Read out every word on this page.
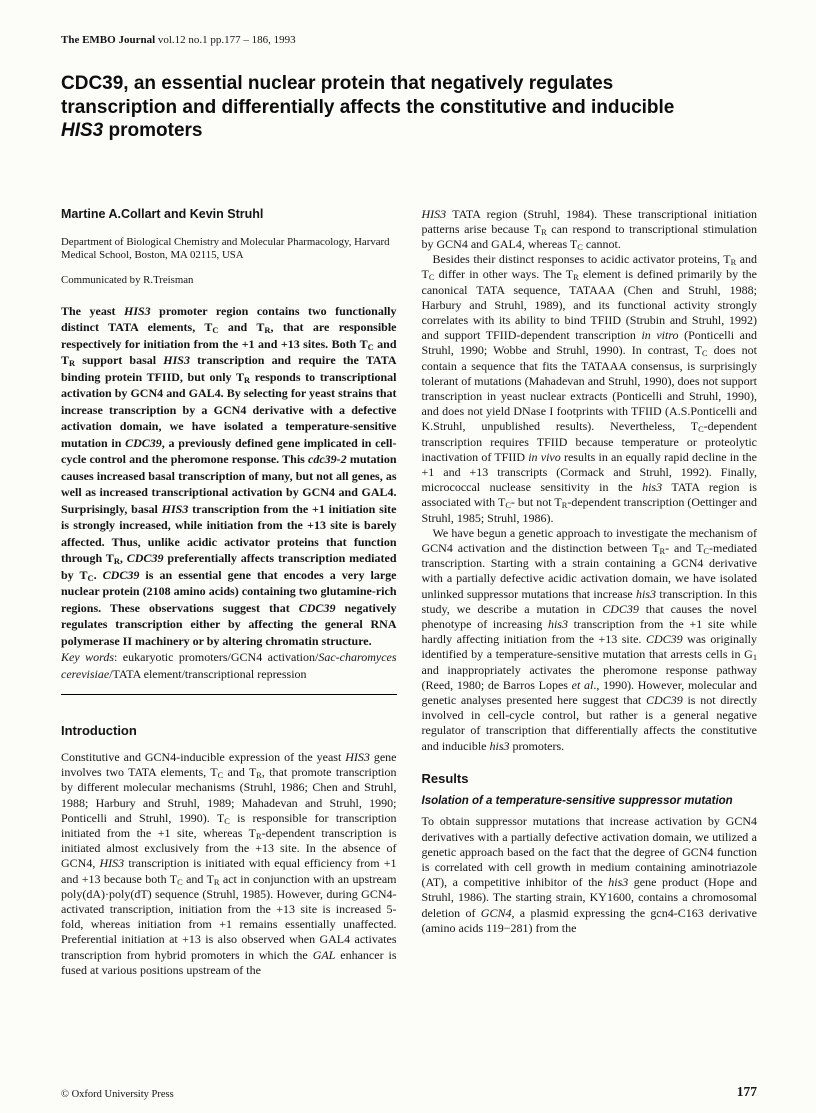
The EMBO Journal vol.12 no.1 pp.177 – 186, 1993
CDC39, an essential nuclear protein that negatively regulates transcription and differentially affects the constitutive and inducible HIS3 promoters
Martine A.Collart and Kevin Struhl
Department of Biological Chemistry and Molecular Pharmacology, Harvard Medical School, Boston, MA 02115, USA
Communicated by R.Treisman

The yeast HIS3 promoter region contains two functionally distinct TATA elements, $T_C$ and $T_R$, that are responsible respectively for initiation from the +1 and +13 sites. Both $T_C$ and $T_R$ support basal HIS3 transcription and require the TATA binding protein TFIID, but only $T_R$ responds to transcriptional activation by GCN4 and GAL4. By selecting for yeast strains that increase transcription by a GCN4 derivative with a defective activation domain, we have isolated a temperature-sensitive mutation in CDC39, a previously defined gene implicated in cell-cycle control and the pheromone response. This cdc39-2 mutation causes increased basal transcription of many, but not all genes, as well as increased transcriptional activation by GCN4 and GAL4. Surprisingly, basal HIS3 transcription from the +1 initiation site is strongly increased, while initiation from the +13 site is barely affected. Thus, unlike acidic activator proteins that function through $T_R$, CDC39 preferentially affects transcription mediated by $T_C$. CDC39 is an essential gene that encodes a very large nuclear protein (2108 amino acids) containing two glutamine-rich regions. These observations suggest that CDC39 negatively regulates transcription either by affecting the general RNA polymerase II machinery or by altering chromatin structure.

Key words: eukaryotic promoters/GCN4 activation/Sac-charomyces cerevisiae/TATA element/transcriptional repression

Introduction

Constitutive and GCN4-inducible expression of the yeast HIS3 gene involves two TATA elements, $T_C$ and $T_R$, that promote transcription by different molecular mechanisms (Struhl, 1986; Chen and Struhl, 1988; Harbury and Struhl, 1989; Mahadevan and Struhl, 1990; Ponticelli and Struhl, 1990). $T_C$ is responsible for transcription initiated from the +1 site, whereas $T_R$-dependent transcription is initiated almost exclusively from the +13 site. In the absence of GCN4, HIS3 transcription is initiated with equal efficiency from +1 and +13 because both $T_C$ and $T_R$ act in conjunction with an upstream poly(dA)·poly(dT) sequence (Struhl, 1985). However, during GCN4-activated transcription, initiation from the +13 site is increased 5-fold, whereas initiation from +1 remains essentially unaffected. Preferential initiation at +13 is also observed when GAL4 activates transcription from hybrid promoters in which the GAL enhancer is fused at various positions upstream of the

HIS3 TATA region (Struhl, 1984). These transcriptional initiation patterns arise because $T_R$ can respond to transcriptional stimulation by GCN4 and GAL4, whereas $T_C$ cannot.

Besides their distinct responses to acidic activator proteins, $T_R$ and $T_C$ differ in other ways. The $T_R$ element is defined primarily by the canonical TATA sequence, TATAAA (Chen and Struhl, 1988; Harbury and Struhl, 1989), and its functional activity strongly correlates with its ability to bind TFIID (Strubin and Struhl, 1992) and support TFIID-dependent transcription in vitro (Ponticelli and Struhl, 1990; Wobbe and Struhl, 1990). In contrast, $T_C$ does not contain a sequence that fits the TATAAA consensus, is surprisingly tolerant of mutations (Mahadevan and Struhl, 1990), does not support transcription in yeast nuclear extracts (Ponticelli and Struhl, 1990), and does not yield DNase I footprints with TFIID (A.S.Ponticelli and K.Struhl, unpublished results). Nevertheless, $T_C$-dependent transcription requires TFIID because temperature or proteolytic inactivation of TFIID in vivo results in an equally rapid decline in the +1 and +13 transcripts (Cormack and Struhl, 1992). Finally, micrococcal nuclease sensitivity in the his3 TATA region is associated with $T_C-$ but not $T_R$-dependent transcription (Oettinger and Struhl, 1985; Struhl, 1986).

We have begun a genetic approach to investigate the mechanism of GCN4 activation and the distinction between $T_R-$ and $T_C$-mediated transcription. Starting with a strain containing a GCN4 derivative with a partially defective acidic activation domain, we have isolated unlinked suppressor mutations that increase his3 transcription. In this study, we describe a mutation in CDC39 that causes the novel phenotype of increasing his3 transcription from the +1 site while hardly affecting initiation from the +13 site. CDC39 was originally identified by a temperature-sensitive mutation that arrests cells in $G_1$ and inappropriately activates the pheromone response pathway (Reed, 1980; de Barros Lopes et al., 1990). However, molecular and genetic analyses presented here suggest that CDC39 is not directly involved in cell-cycle control, but rather is a general negative regulator of transcription that differentially affects the constitutive and inducible his3 promoters.

Results
Isolation of a temperature-sensitive suppressor mutation

To obtain suppressor mutations that increase activation by GCN4 derivatives with a partially defective activation domain, we utilized a genetic approach based on the fact that the degree of GCN4 function is correlated with cell growth in medium containing aminotriazole (AT), a competitive inhibitor of the his3 gene product (Hope and Struhl, 1986). The starting strain, KY1600, contains a chromosomal deletion of GCN4, a plasmid expressing the gcn4-C163 derivative (amino acids 119−281) from the

© Oxford University Press	177
